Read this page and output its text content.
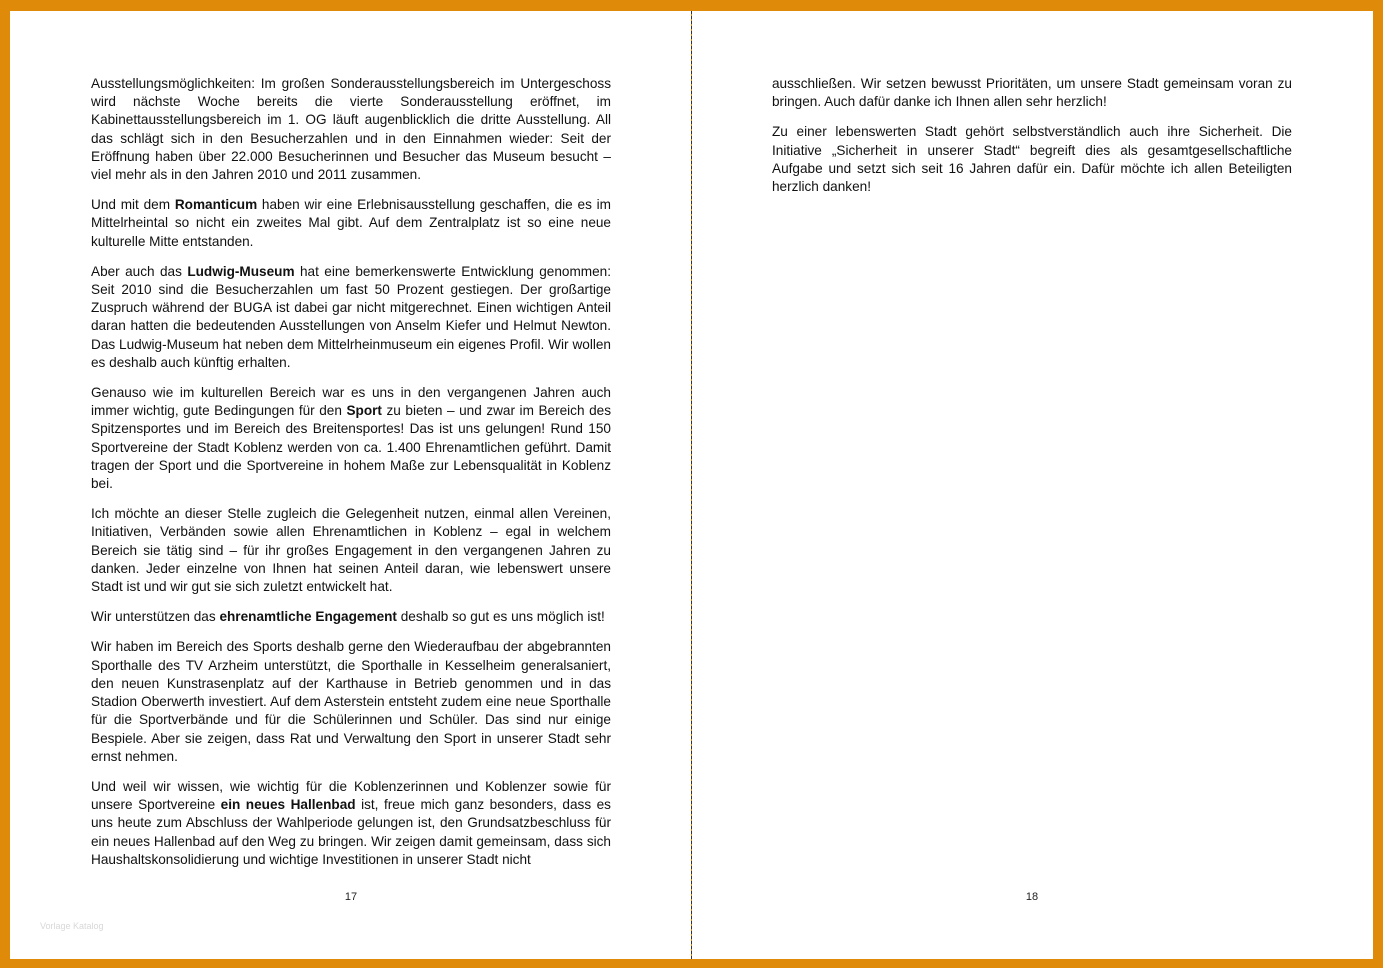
Ausstellungsmöglichkeiten: Im großen Sonderausstellungsbereich im Untergeschoss wird nächste Woche bereits die vierte Sonderausstellung eröffnet, im Kabinettausstellungsbereich im 1. OG läuft augenblicklich die dritte Ausstellung. All das schlägt sich in den Besucherzahlen und in den Einnahmen wieder: Seit der Eröffnung haben über 22.000 Besucherinnen und Besucher das Museum besucht – viel mehr als in den Jahren 2010 und 2011 zusammen.

Und mit dem Romanticum haben wir eine Erlebnisausstellung geschaffen, die es im Mittelrheintal so nicht ein zweites Mal gibt. Auf dem Zentralplatz ist so eine neue kulturelle Mitte entstanden.

Aber auch das Ludwig-Museum hat eine bemerkenswerte Entwicklung genommen: Seit 2010 sind die Besucherzahlen um fast 50 Prozent gestiegen. Der großartige Zuspruch während der BUGA ist dabei gar nicht mitgerechnet. Einen wichtigen Anteil daran hatten die bedeutenden Ausstellungen von Anselm Kiefer und Helmut Newton. Das Ludwig-Museum hat neben dem Mittelrheinmuseum ein eigenes Profil. Wir wollen es deshalb auch künftig erhalten.

Genauso wie im kulturellen Bereich war es uns in den vergangenen Jahren auch immer wichtig, gute Bedingungen für den Sport zu bieten – und zwar im Bereich des Spitzensportes und im Bereich des Breitensportes! Das ist uns gelungen! Rund 150 Sportvereine der Stadt Koblenz werden von ca. 1.400 Ehrenamtlichen geführt. Damit tragen der Sport und die Sportvereine in hohem Maße zur Lebensqualität in Koblenz bei.

Ich möchte an dieser Stelle zugleich die Gelegenheit nutzen, einmal allen Vereinen, Initiativen, Verbänden sowie allen Ehrenamtlichen in Koblenz – egal in welchem Bereich sie tätig sind – für ihr großes Engagement in den vergangenen Jahren zu danken. Jeder einzelne von Ihnen hat seinen Anteil daran, wie lebenswert unsere Stadt ist und wir gut sie sich zuletzt entwickelt hat.

Wir unterstützen das ehrenamtliche Engagement deshalb so gut es uns möglich ist!

Wir haben im Bereich des Sports deshalb gerne den Wiederaufbau der abgebrannten Sporthalle des TV Arzheim unterstützt, die Sporthalle in Kesselheim generalsaniert, den neuen Kunstrasenplatz auf der Karthause in Betrieb genommen und in das Stadion Oberwerth investiert. Auf dem Asterstein entsteht zudem eine neue Sporthalle für die Sportverbände und für die Schülerinnen und Schüler. Das sind nur einige Bespiele. Aber sie zeigen, dass Rat und Verwaltung den Sport in unserer Stadt sehr ernst nehmen.

Und weil wir wissen, wie wichtig für die Koblenzerinnen und Koblenzer sowie für unsere Sportvereine ein neues Hallenbad ist, freue mich ganz besonders, dass es uns heute zum Abschluss der Wahlperiode gelungen ist, den Grundsatzbeschluss für ein neues Hallenbad auf den Weg zu bringen. Wir zeigen damit gemeinsam, dass sich Haushaltskonsolidierung und wichtige Investitionen in unserer Stadt nicht

17
Vorlage Katalog

ausschließen. Wir setzen bewusst Prioritäten, um unsere Stadt gemeinsam voran zu bringen. Auch dafür danke ich Ihnen allen sehr herzlich!

Zu einer lebenswerten Stadt gehört selbstverständlich auch ihre Sicherheit. Die Initiative „Sicherheit in unserer Stadt“ begreift dies als gesamtgesellschaftliche Aufgabe und setzt sich seit 16 Jahren dafür ein. Dafür möchte ich allen Beteiligten herzlich danken!

18
